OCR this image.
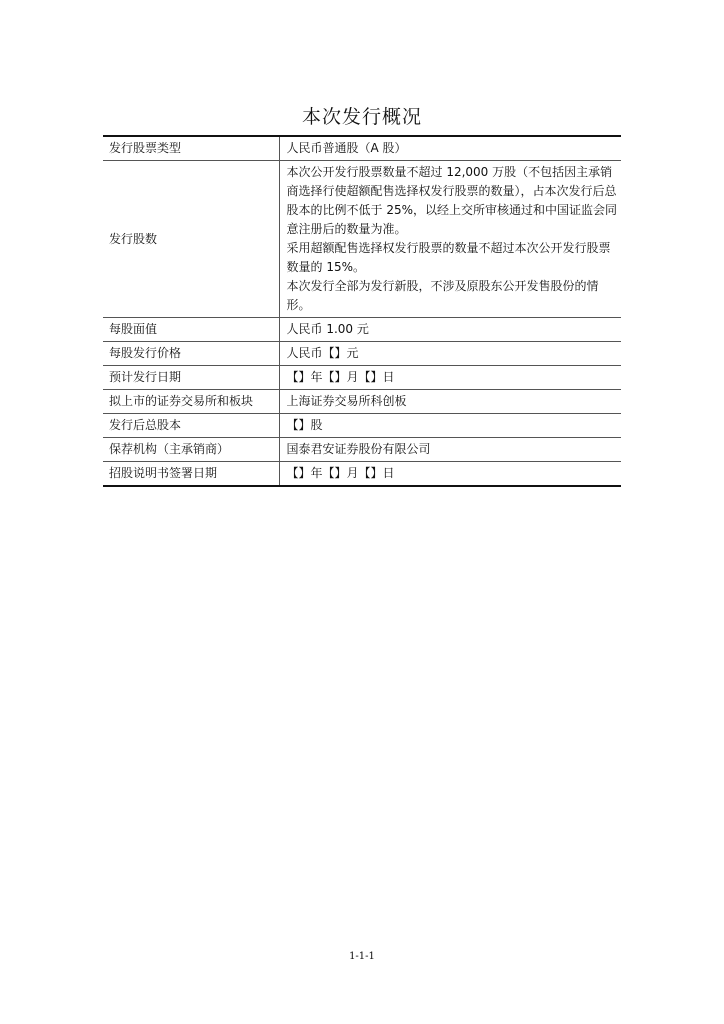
本次发行概况
发行股票类型	人民币普通股（A 股）
发行股数	本次公开发行股票数量不超过 12,000 万股（不包括因主承销商选择行使超额配售选择权发行股票的数量），占本次发行后总股本的比例不低于 25%，以经上交所审核通过和中国证监会同意注册后的数量为准。
采用超额配售选择权发行股票的数量不超过本次公开发行股票数量的 15%。
本次发行全部为发行新股，不涉及原股东公开发售股份的情形。

每股面值	人民币 1.00 元
每股发行价格	人民币【】元
预计发行日期	【】年【】月【】日
拟上市的证券交易所和板块	上海证券交易所科创板
发行后总股本	【】股
保荐机构（主承销商）	国泰君安证券股份有限公司
招股说明书签署日期	【】年【】月【】日
1-1-1
